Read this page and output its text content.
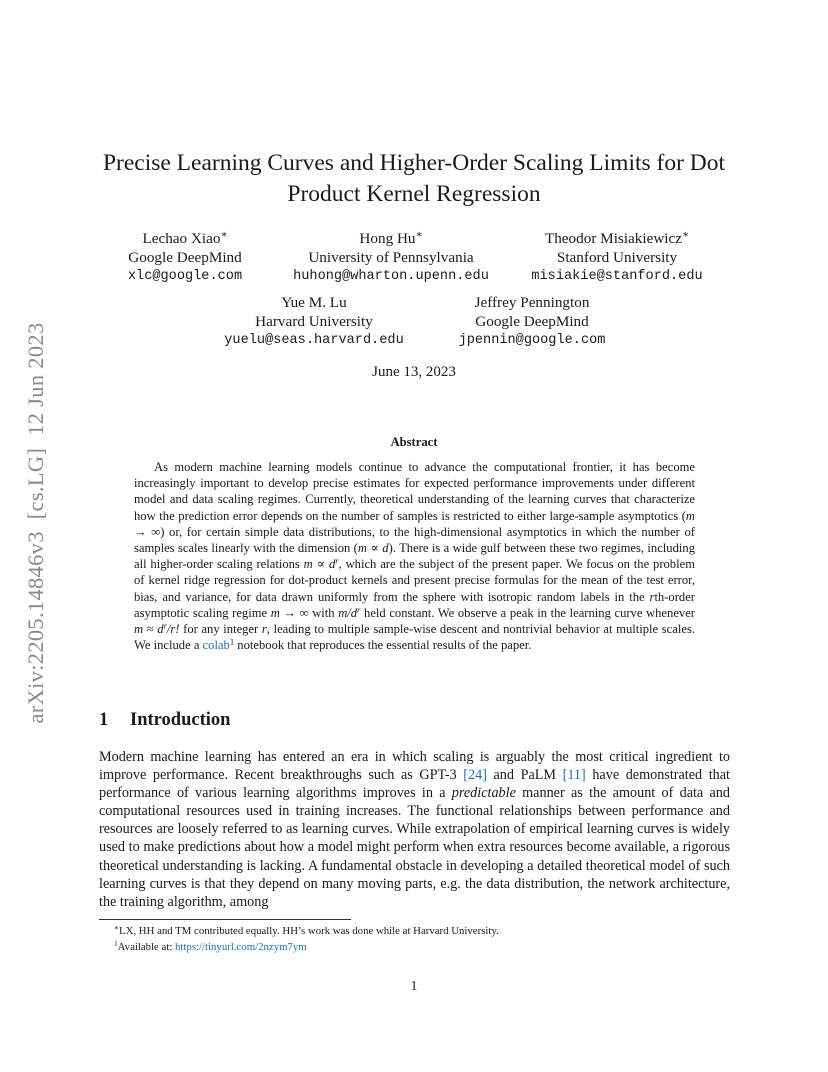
arXiv:2205.14846v3[cs.LG]12 Jun 2023
Precise Learning Curves and Higher-Order Scaling Limits for Dot
Product Kernel Regression
Lechao Xiao∗
Google DeepMind
xlc@google.com
Hong Hu∗
University of Pennsylvania
huhong@wharton.upenn.edu
Theodor Misiakiewicz∗
Stanford University
misiakie@stanford.edu
Yue M. Lu
Harvard University
yuelu@seas.harvard.edu
Jeffrey Pennington
Google DeepMind
jpennin@google.com
June 13, 2023
Abstract

As modern machine learning models continue to advance the computational frontier, it has become increasingly important to develop precise estimates for expected performance improvements under different model and data scaling regimes. Currently, theoretical understanding of the learning curves that characterize how the prediction error depends on the number of samples is restricted to either large-sample asymptotics (m → ∞) or, for certain simple data distributions, to the high-dimensional asymptotics in which the number of samples scales linearly with the dimension (m ∝ d). There is a wide gulf between these two regimes, including all higher-order scaling relations $m \propto d^r$, which are the subject of the present paper. We focus on the problem of kernel ridge regression for dot-product kernels and present precise formulas for the mean of the test error, bias, and variance, for data drawn uniformly from the sphere with isotropic random labels in the rth-order asymptotic scaling regime m → ∞ with $m/d^r$ held constant. We observe a peak in the learning curve whenever $m \approx d^r/r$! for any integer r, leading to multiple sample-wise descent and nontrivial behavior at multiple scales. We include a colab$^1$ notebook that reproduces the essential results of the paper.

1 Introduction

Modern machine learning has entered an era in which scaling is arguably the most critical ingredient to improve performance. Recent breakthroughs such as GPT-3 [24] and PaLM [11] have demonstrated that performance of various learning algorithms improves in a predictable manner as the amount of data and computational resources used in training increases. The functional relationships between performance and resources are loosely referred to as learning curves. While extrapolation of empirical learning curves is widely used to make predictions about how a model might perform when extra resources become available, a rigorous theoretical understanding is lacking. A fundamental obstacle in developing a detailed theoretical model of such learning curves is that they depend on many moving parts, e.g. the data distribution, the network architecture, the training algorithm, among

∗LX, HH and TM contributed equally. HH’s work was done while at Harvard University.
$^1$Available at: https://tinyurl.com/2nzym7ym
1
